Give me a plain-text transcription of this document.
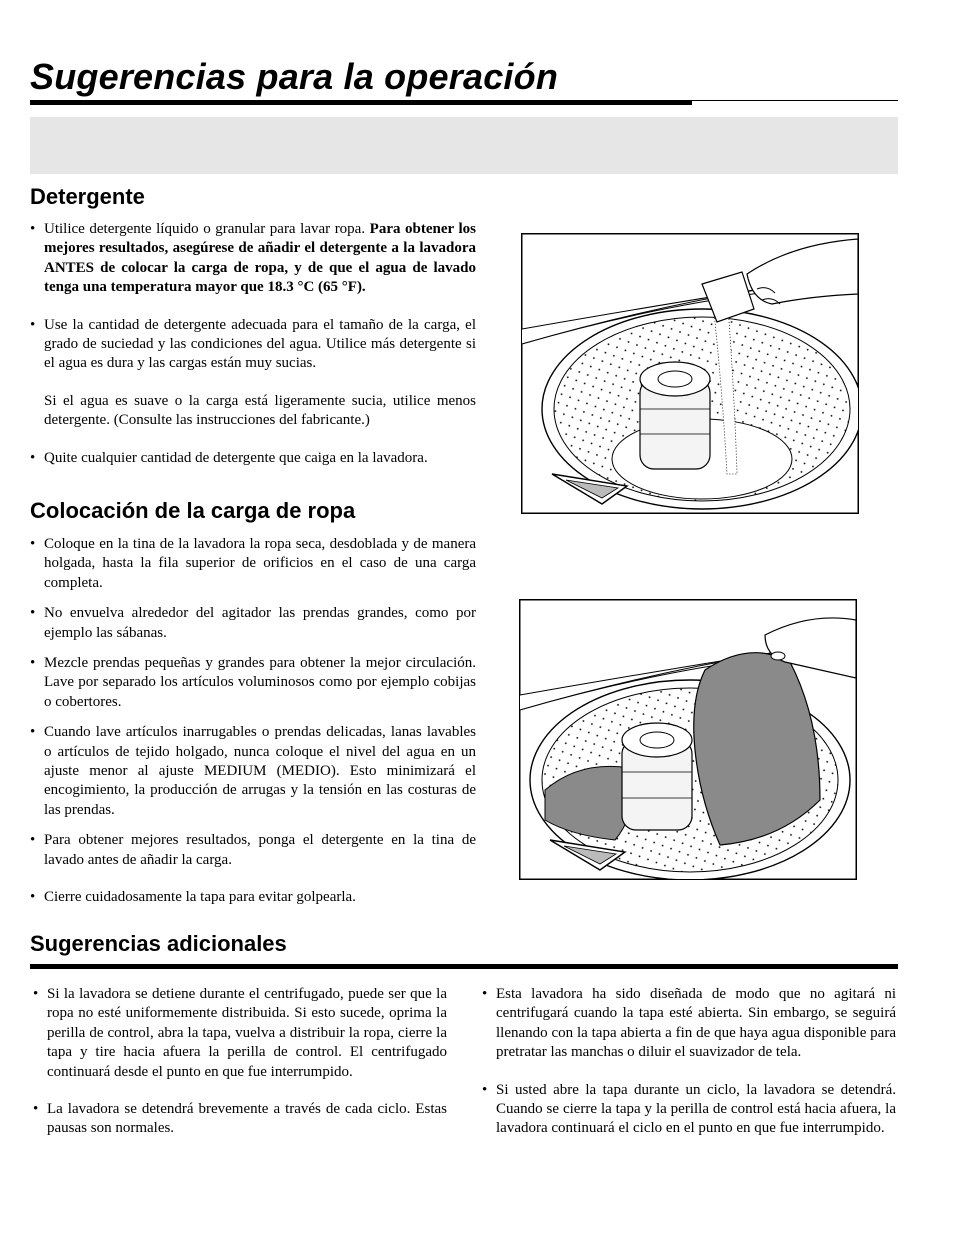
Sugerencias para la operación
Detergente
• Utilice detergente líquido o granular para lavar ropa. Para obtener los mejores resultados, asegúrese de añadir el detergente a la lavadora ANTES de colocar la carga de ropa, y de que el agua de lavado tenga una temperatura mayor que 18.3 °C (65 °F).
• Use la cantidad de detergente adecuada para el tamaño de la carga, el grado de suciedad y las condiciones del agua. Utilice más detergente si el agua es dura y las cargas están muy sucias.
Si el agua es suave o la carga está ligeramente sucia, utilice menos detergente. (Consulte las instrucciones del fabricante.)
• Quite cualquier cantidad de detergente que caiga en la lavadora.
Colocación de la carga de ropa
• Coloque en la tina de la lavadora la ropa seca, desdoblada y de manera holgada, hasta la fila superior de orificios en el caso de una carga completa.
• No envuelva alrededor del agitador las prendas grandes, como por ejemplo las sábanas.
• Mezcle prendas pequeñas y grandes para obtener la mejor circulación. Lave por separado los artículos voluminosos como por ejemplo cobijas o cobertores.
• Cuando lave artículos inarrugables o prendas delicadas, lanas lavables o artículos de tejido holgado, nunca coloque el nivel del agua en un ajuste menor al ajuste MEDIUM (MEDIO). Esto minimizará el encogimiento, la producción de arrugas y la tensión en las costuras de las prendas.
• Para obtener mejores resultados, ponga el detergente en la tina de lavado antes de añadir la carga.
• Cierre cuidadosamente la tapa para evitar golpearla.
Sugerencias adicionales
• Si la lavadora se detiene durante el centrifugado, puede ser que la ropa no esté uniformemente distribuida. Si esto sucede, oprima la perilla de control, abra la tapa, vuelva a distribuir la ropa, cierre la tapa y tire hacia afuera la perilla de control. El centrifugado continuará desde el punto en que fue interrumpido.
• La lavadora se detendrá brevemente a través de cada ciclo. Estas pausas son normales.
• Esta lavadora ha sido diseñada de modo que no agitará ni centrifugará cuando la tapa esté abierta. Sin embargo, se seguirá llenando con la tapa abierta a fin de que haya agua disponible para pretratar las manchas o diluir el suavizador de tela.
• Si usted abre la tapa durante un ciclo, la lavadora se detendrá. Cuando se cierre la tapa y la perilla de control está hacia afuera, la lavadora continuará el ciclo en el punto en que fue interrumpido.
